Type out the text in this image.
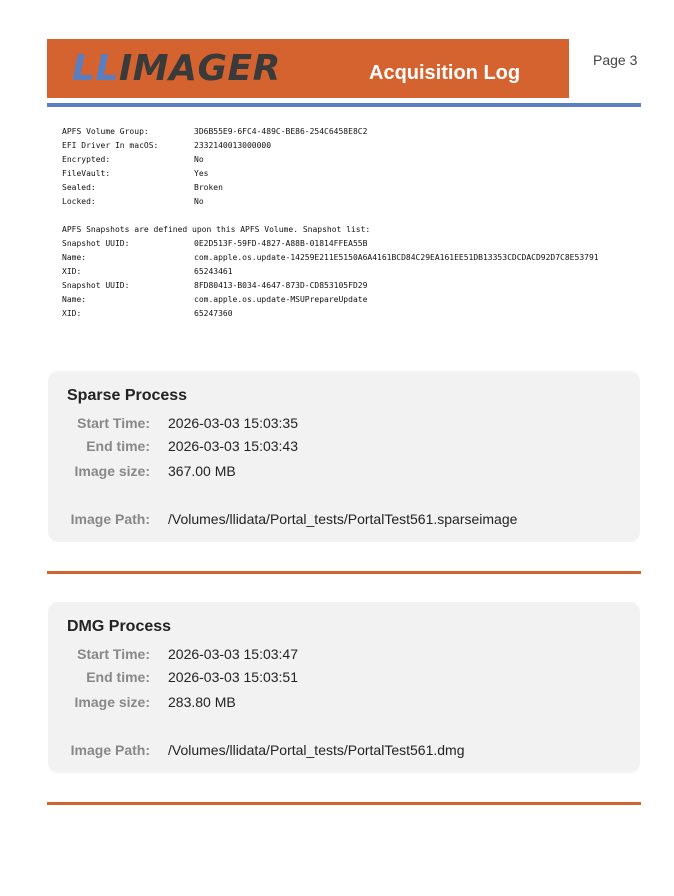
LLIMAGER	Acquisition Log
Page 3
APFS Volume Group:	3D6B55E9-6FC4-489C-BE86-254C6458E8C2
EFI Driver In macOS:	2332140013000000
Encrypted:	No
FileVault:	Yes
Sealed:	Broken
Locked:	No
APFS Snapshots are defined upon this APFS Volume. Snapshot list:
Snapshot UUID:	0E2D513F-59FD-4827-A88B-01814FFEA55B
Name:	com.apple.os.update-14259E211E5150A6A4161BCD84C29EA161EE51DB13353CDCDACD92D7C8E53791
XID:	65243461
Snapshot UUID:	8FD80413-B034-4647-873D-CD853105FD29
Name:	com.apple.os.update-MSUPrepareUpdate
XID:	65247360
Sparse Process
Start Time: 2026-03-03 15:03:35
End time: 2026-03-03 15:03:43
Image size: 367.00 MB
Image Path: /Volumes/llidata/Portal_tests/PortalTest561.sparseimage
DMG Process
Start Time: 2026-03-03 15:03:47
End time: 2026-03-03 15:03:51
Image size: 283.80 MB
Image Path: /Volumes/llidata/Portal_tests/PortalTest561.dmg
